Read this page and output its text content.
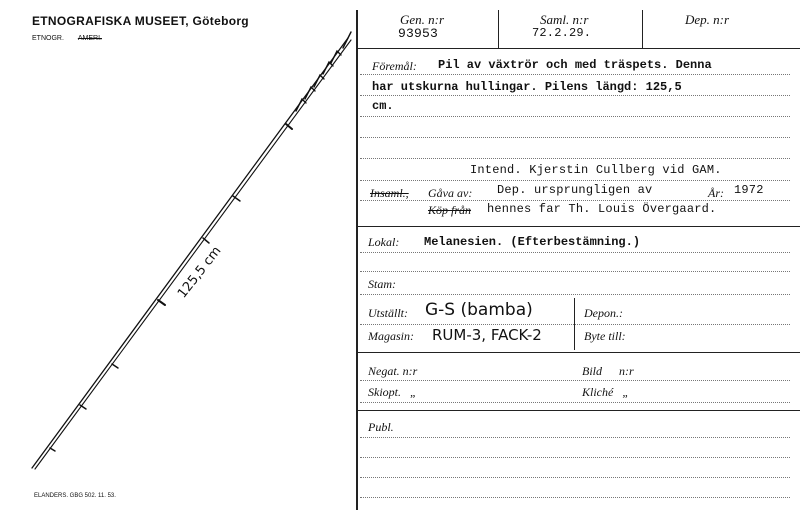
ETNOGRAFISKA MUSEET, Göteborg
ETNOGR. AMERI.
125,5 cm
ELANDERS. GBG 502. 11. 53.
Gen. n:r
93953
Saml. n:r
72.2.29.
Dep. n:r
Föremål: Pil av växtrör och med träspets. Denna
har utskurna hullingar. Pilens längd: 125,5
cm.
Intend. Kjerstin Cullberg vid GAM.
Insaml., Gåva av: Dep. ursprungligen av	År: 1972
Köp från hennes far Th. Louis Övergaard.
Lokal: Melanesien. (Efterbestämning.)
Stam:
Utställt: G-S (bamba)	Depon.:
Magasin: RUM-3, FACK-2	Byte till:
Negat. n:r	Bild n:r
Skiopt. „	Kliché „
Publ.
